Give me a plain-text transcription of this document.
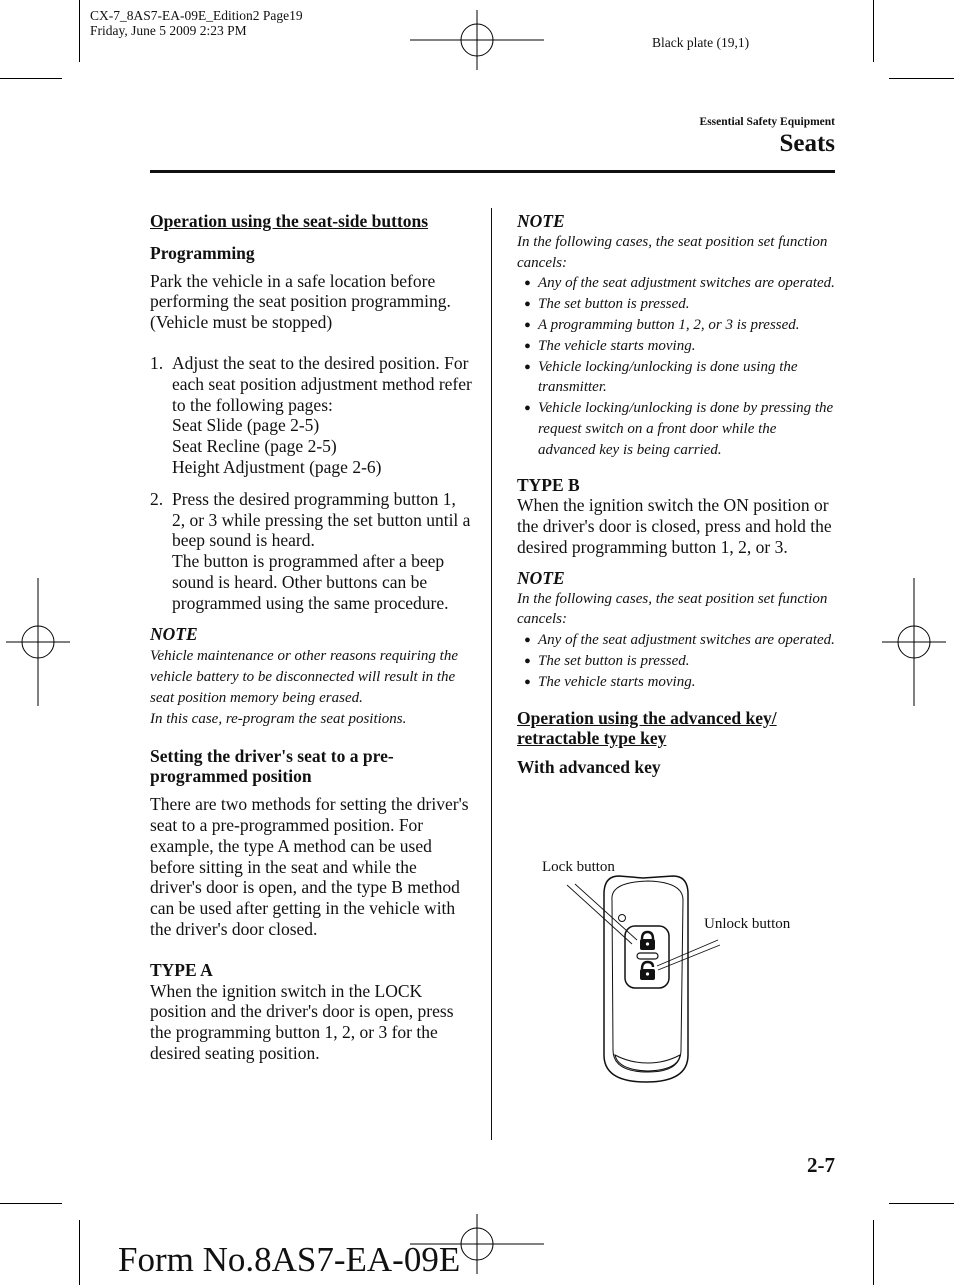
CX-7_8AS7-EA-09E_Edition2 Page19
Friday, June 5 2009 2:23 PM
Black plate (19,1)
Essential Safety Equipment
Seats

Operation using the seat-side buttons

Programming

Park the vehicle in a safe location before performing the seat position programming. (Vehicle must be stopped)

1. Adjust the seat to the desired position. For each seat position adjustment method refer to the following pages:
Seat Slide (page 2-5)
Seat Recline (page 2-5)
Height Adjustment (page 2-6)
2. Press the desired programming button 1, 2, or 3 while pressing the set button until a beep sound is heard.
The button is programmed after a beep sound is heard. Other buttons can be programmed using the same procedure.

NOTE

Vehicle maintenance or other reasons requiring the vehicle battery to be disconnected will result in the seat position memory being erased.

In this case, re-program the seat positions.

Setting the driver's seat to a pre-programmed position

There are two methods for setting the driver's seat to a pre-programmed position. For example, the type A method can be used before sitting in the seat and while the driver's door is open, and the type B method can be used after getting in the vehicle with the driver's door closed.

TYPE A

When the ignition switch in the LOCK position and the driver's door is open, press the programming button 1, 2, or 3 for the desired seating position.

NOTE

In the following cases, the seat position set function cancels:

● Any of the seat adjustment switches are operated.
● The set button is pressed.
● A programming button 1, 2, or 3 is pressed.
● The vehicle starts moving.
● Vehicle locking/unlocking is done using the transmitter.
● Vehicle locking/unlocking is done by pressing the request switch on a front door while the advanced key is being carried.

TYPE B

When the ignition switch the ON position or the driver's door is closed, press and hold the desired programming button 1, 2, or 3.

NOTE

In the following cases, the seat position set function cancels:

● Any of the seat adjustment switches are operated.
● The set button is pressed.
● The vehicle starts moving.

Operation using the advanced key/ retractable type key

With advanced key

Lock button
Unlock button
2-7
Form No.8AS7-EA-09E
